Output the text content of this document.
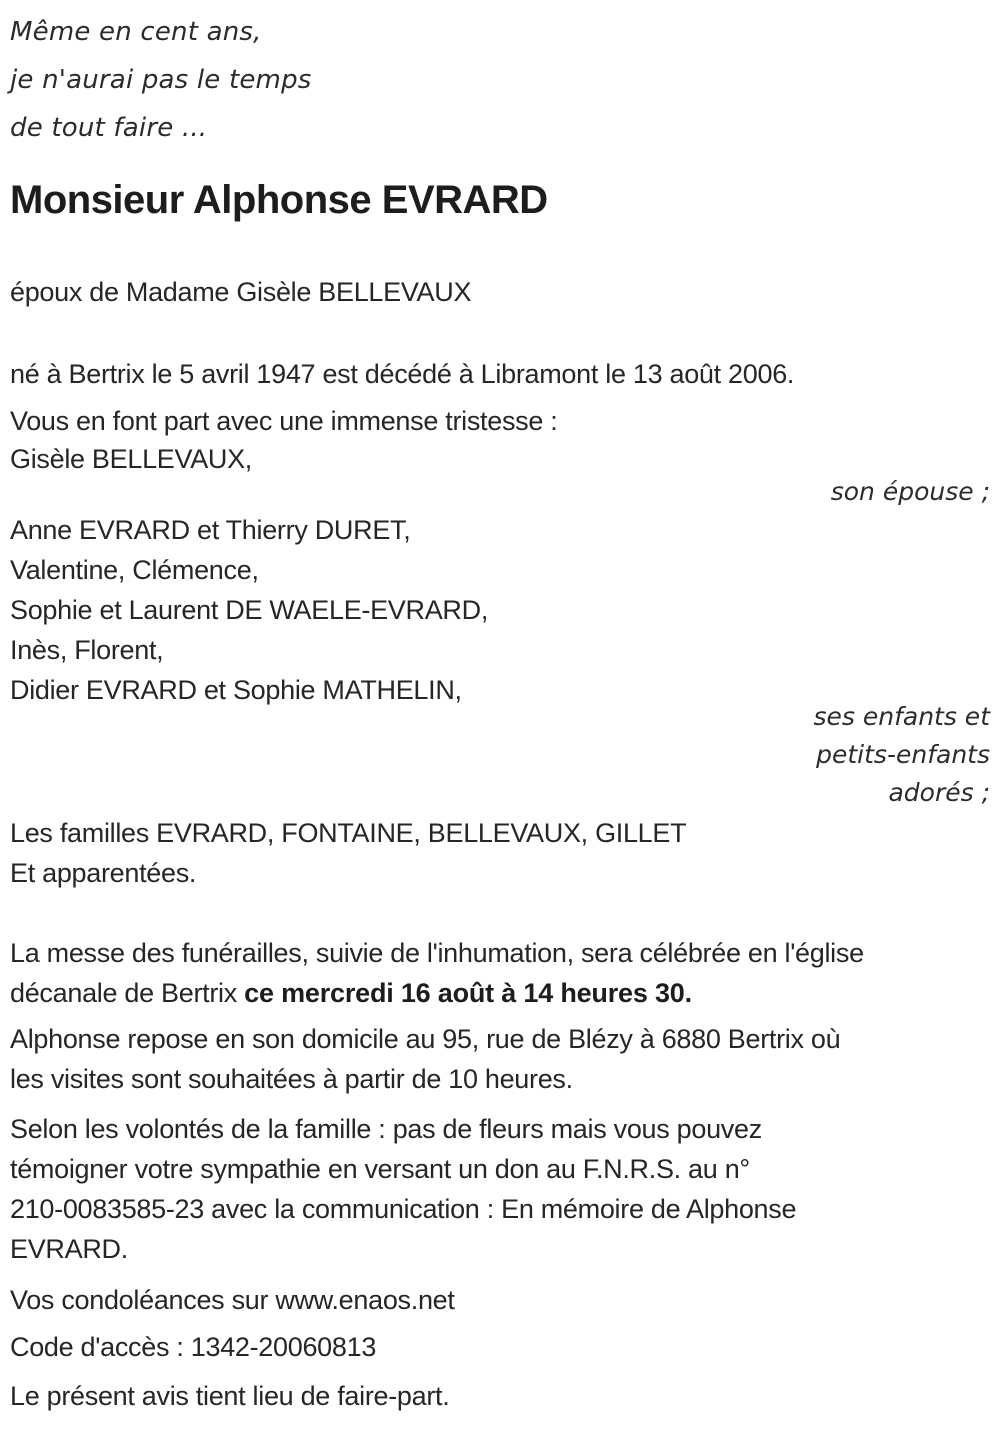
Même en cent ans,
je n'aurai pas le temps
de tout faire ...
Monsieur Alphonse EVRARD
époux de Madame Gisèle BELLEVAUX
né à Bertrix le 5 avril 1947 est décédé à Libramont le 13 août 2006.
Vous en font part avec une immense tristesse :
Gisèle BELLEVAUX,
son épouse ;
Anne EVRARD et Thierry DURET,
Valentine, Clémence,
Sophie et Laurent DE WAELE-EVRARD,
Inès, Florent,
Didier EVRARD et Sophie MATHELIN,
ses enfants et
petits-enfants
adorés ;
Les familles EVRARD, FONTAINE, BELLEVAUX, GILLET
Et apparentées.
La messe des funérailles, suivie de l'inhumation, sera célébrée en l'église
décanale de Bertrix ce mercredi 16 août à 14 heures 30.
Alphonse repose en son domicile au 95, rue de Blézy à 6880 Bertrix où
les visites sont souhaitées à partir de 10 heures.
Selon les volontés de la famille : pas de fleurs mais vous pouvez
témoigner votre sympathie en versant un don au F.N.R.S. au n°
210-0083585-23 avec la communication : En mémoire de Alphonse
EVRARD.
Vos condoléances sur www.enaos.net
Code d'accès : 1342-20060813
Le présent avis tient lieu de faire-part.
